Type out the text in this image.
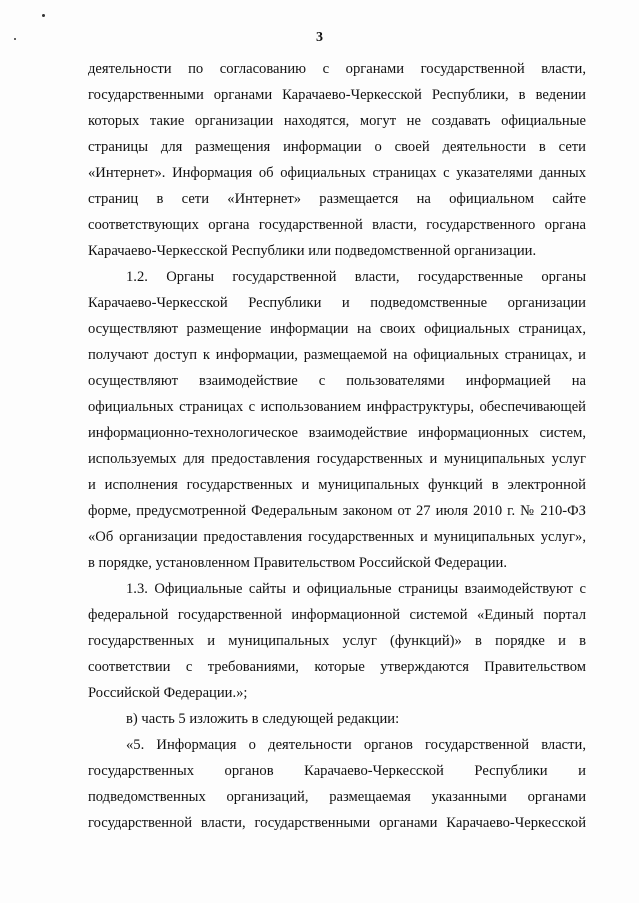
3
деятельности по согласованию с органами государственной власти,
государственными органами Карачаево-Черкесской Республики, в ведении
которых такие организации находятся, могут не создавать официальные
страницы для размещения информации о своей деятельности в сети
«Интернет». Информация об официальных страницах с указателями данных
страниц в сети «Интернет» размещается на официальном сайте
соответствующих органа государственной власти, государственного органа
Карачаево-Черкесской Республики или подведомственной организации.
1.2. Органы государственной власти, государственные органы
Карачаево-Черкесской Республики и подведомственные организации
осуществляют размещение информации на своих официальных страницах,
получают доступ к информации, размещаемой на официальных страницах, и
осуществляют взаимодействие с пользователями информацией на
официальных страницах с использованием инфраструктуры, обеспечивающей
информационно-технологическое взаимодействие информационных систем,
используемых для предоставления государственных и муниципальных услуг
и исполнения государственных и муниципальных функций в электронной
форме, предусмотренной Федеральным законом от 27 июля 2010 г. № 210-ФЗ
«Об организации предоставления государственных и муниципальных услуг»,
в порядке, установленном Правительством Российской Федерации.
1.3. Официальные сайты и официальные страницы взаимодействуют с
федеральной государственной информационной системой «Единый портал
государственных и муниципальных услуг (функций)» в порядке и в
соответствии с требованиями, которые утверждаются Правительством
Российской Федерации.»;
в) часть 5 изложить в следующей редакции:
«5. Информация о деятельности органов государственной власти,
государственных органов Карачаево-Черкесской Республики и
подведомственных организаций, размещаемая указанными органами
государственной власти, государственными органами Карачаево-Черкесской
